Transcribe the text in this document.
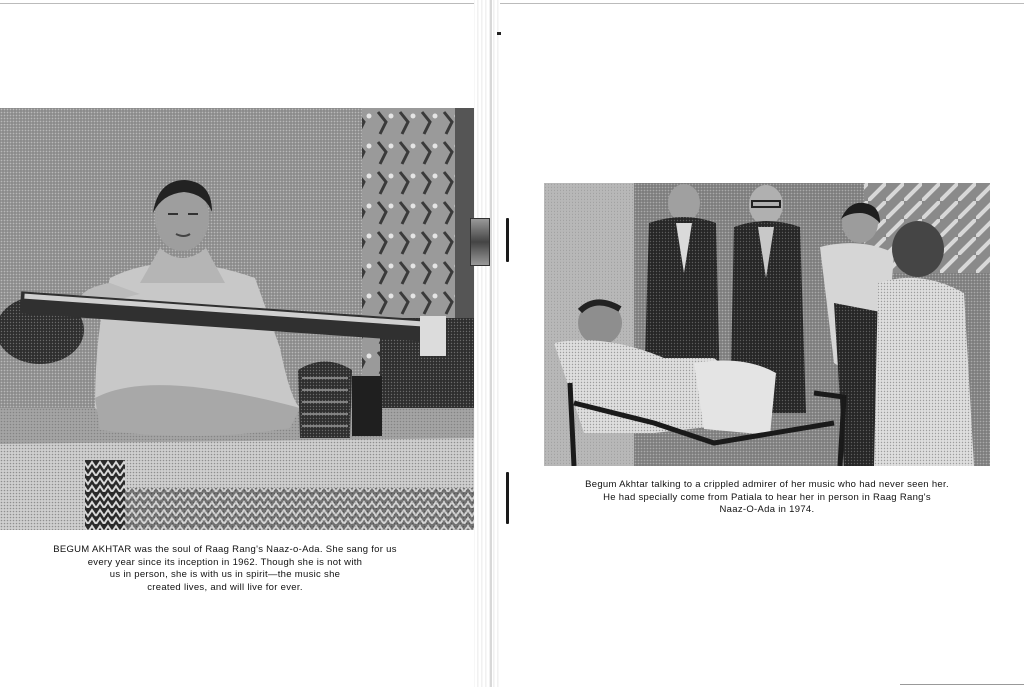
BEGUM AKHTAR was the soul of Raag Rang's Naaz-o-Ada. She sang for us
every year since its inception in 1962. Though she is not with
us in person, she is with us in spirit—the music she
created lives, and will live for ever.
Begum Akhtar talking to a crippled admirer of her music who had never seen her.
He had specially come from Patiala to hear her in person in Raag Rang's
Naaz-O-Ada in 1974.
